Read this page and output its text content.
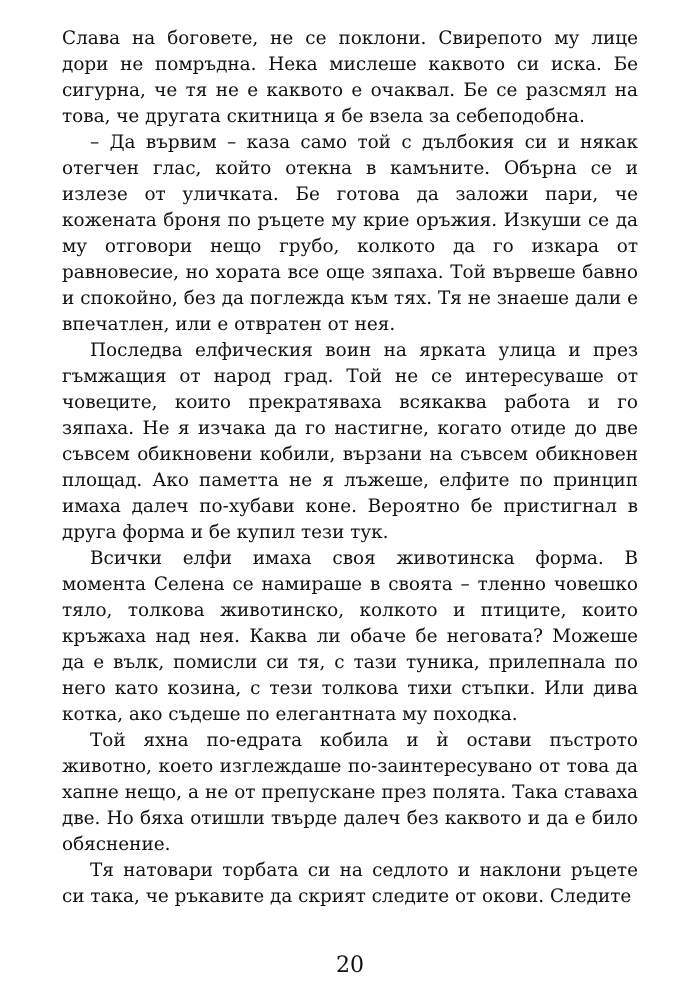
Слава на боговете, не се поклони. Свирепото му лице дори не помръдна. Нека мислеше каквото си иска. Бе сигурна, че тя не е каквото е очаквал. Бе се разсмял на това, че другата скитница я бе взела за себеподобна.

– Да вървим – каза само той с дълбокия си и някак отегчен глас, който отекна в камъните. Обърна се и излезе от уличката. Бе готова да заложи пари, че кожената броня по ръцете му крие оръжия. Изкуши се да му отговори нещо грубо, колкото да го изкара от равновесие, но хората все още зяпаха. Той вървеше бавно и спокойно, без да поглежда към тях. Тя не знаеше дали е впечатлен, или е отвратен от нея.

Последва елфическия воин на ярката улица и през гъмжащия от народ град. Той не се интересуваше от човеците, които прекратяваха всякаква работа и го зяпаха. Не я изчака да го настигне, когато отиде до две съвсем обикновени кобили, вързани на съвсем обикновен площад. Ако паметта не я лъжеше, елфите по принцип имаха далеч по-хубави коне. Вероятно бе пристигнал в друга форма и бе купил тези тук.

Всички елфи имаха своя животинска форма. В момента Селена се намираше в своята – тленно човешко тяло, толкова животинско, колкото и птиците, които кръжаха над нея. Каква ли обаче бе неговата? Можеше да е вълк, помисли си тя, с тази туника, прилепнала по него като козина, с тези толкова тихи стъпки. Или дива котка, ако съдеше по елегантната му походка.

Той яхна по-едрата кобила и ѝ остави пъстрото животно, което изглеждаше по-заинтересувано от това да хапне нещо, а не от препускане през полята. Така ставаха две. Но бяха отишли твърде далеч без каквото и да е било обяснение.

Тя натовари торбата си на седлото и наклони ръцете си така, че ръкавите да скрият следите от окови. Следите

20
